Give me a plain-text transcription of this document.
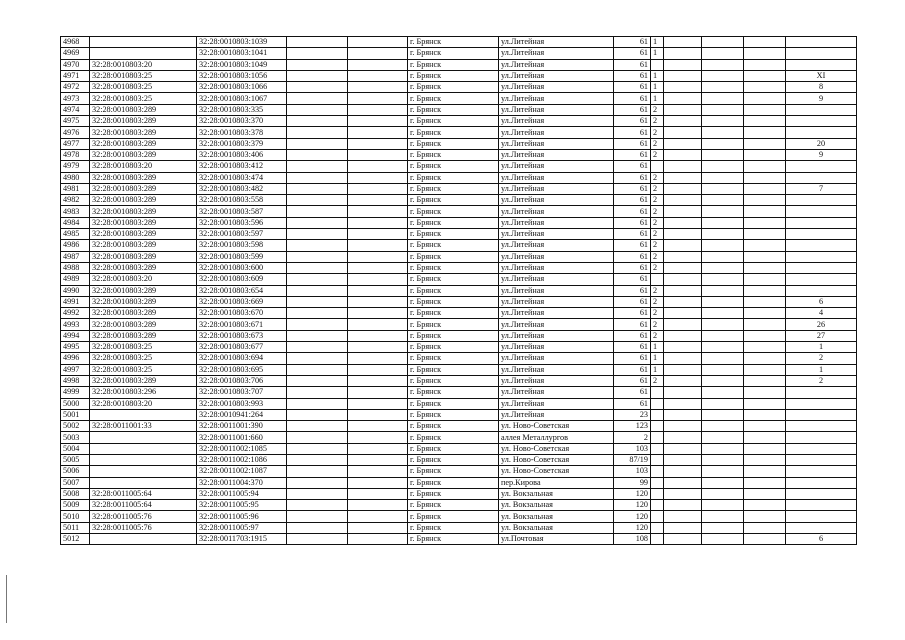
4968		32:28:0010803:1039			г. Брянск	ул.Литейная	61	1				
4969		32:28:0010803:1041			г. Брянск	ул.Литейная	61	1				
4970	32:28:0010803:20	32:28:0010803:1049			г. Брянск	ул.Литейная	61					
4971	32:28:0010803:25	32:28:0010803:1056			г. Брянск	ул.Литейная	61	1				XI
4972	32:28:0010803:25	32:28:0010803:1066			г. Брянск	ул.Литейная	61	1				8
4973	32:28:0010803:25	32:28:0010803:1067			г. Брянск	ул.Литейная	61	1				9
4974	32:28:0010803:289	32:28:0010803:335			г. Брянск	ул.Литейная	61	2				
4975	32:28:0010803:289	32:28:0010803:370			г. Брянск	ул.Литейная	61	2				
4976	32:28:0010803:289	32:28:0010803:378			г. Брянск	ул.Литейная	61	2				
4977	32:28:0010803:289	32:28:0010803:379			г. Брянск	ул.Литейная	61	2				20
4978	32:28:0010803:289	32:28:0010803:406			г. Брянск	ул.Литейная	61	2				9
4979	32:28:0010803:20	32:28:0010803:412			г. Брянск	ул.Литейная	61					
4980	32:28:0010803:289	32:28:0010803:474			г. Брянск	ул.Литейная	61	2				
4981	32:28:0010803:289	32:28:0010803:482			г. Брянск	ул.Литейная	61	2				7
4982	32:28:0010803:289	32:28:0010803:558			г. Брянск	ул.Литейная	61	2				
4983	32:28:0010803:289	32:28:0010803:587			г. Брянск	ул.Литейная	61	2				
4984	32:28:0010803:289	32:28:0010803:596			г. Брянск	ул.Литейная	61	2				
4985	32:28:0010803:289	32:28:0010803:597			г. Брянск	ул.Литейная	61	2				
4986	32:28:0010803:289	32:28:0010803:598			г. Брянск	ул.Литейная	61	2				
4987	32:28:0010803:289	32:28:0010803:599			г. Брянск	ул.Литейная	61	2				
4988	32:28:0010803:289	32:28:0010803:600			г. Брянск	ул.Литейная	61	2				
4989	32:28:0010803:20	32:28:0010803:609			г. Брянск	ул.Литейная	61					
4990	32:28:0010803:289	32:28:0010803:654			г. Брянск	ул.Литейная	61	2				
4991	32:28:0010803:289	32:28:0010803:669			г. Брянск	ул.Литейная	61	2				6
4992	32:28:0010803:289	32:28:0010803:670			г. Брянск	ул.Литейная	61	2				4
4993	32:28:0010803:289	32:28:0010803:671			г. Брянск	ул.Литейная	61	2				26
4994	32:28:0010803:289	32:28:0010803:673			г. Брянск	ул.Литейная	61	2				27
4995	32:28:0010803:25	32:28:0010803:677			г. Брянск	ул.Литейная	61	1				1
4996	32:28:0010803:25	32:28:0010803:694			г. Брянск	ул.Литейная	61	1				2
4997	32:28:0010803:25	32:28:0010803:695			г. Брянск	ул.Литейная	61	1				1
4998	32:28:0010803:289	32:28:0010803:706			г. Брянск	ул.Литейная	61	2				2
4999	32:28:0010803:296	32:28:0010803:707			г. Брянск	ул.Литейная	61					
5000	32:28:0010803:20	32:28:0010803:993			г. Брянск	ул.Литейная	61					
5001		32:28:0010941:264			г. Брянск	ул.Литейная	23					
5002	32:28:0011001:33	32:28:0011001:390			г. Брянск	ул. Ново-Советская	123					
5003		32:28:0011001:660			г. Брянск	аллея Металлургов	2					
5004		32:28:0011002:1085			г. Брянск	ул. Ново-Советская	103					
5005		32:28:0011002:1086			г. Брянск	ул. Ново-Советская	87/19					
5006		32:28:0011002:1087			г. Брянск	ул. Ново-Советская	103					
5007		32:28:0011004:370			г. Брянск	пер.Кирова	99					
5008	32:28:0011005:64	32:28:0011005:94			г. Брянск	ул. Вокзальная	120					
5009	32:28:0011005:64	32:28:0011005:95			г. Брянск	ул. Вокзальная	120					
5010	32:28:0011005:76	32:28:0011005:96			г. Брянск	ул. Вокзальная	120					
5011	32:28:0011005:76	32:28:0011005:97			г. Брянск	ул. Вокзальная	120					
5012		32:28:0011703:1915			г. Брянск	ул.Почтовая	108					6
